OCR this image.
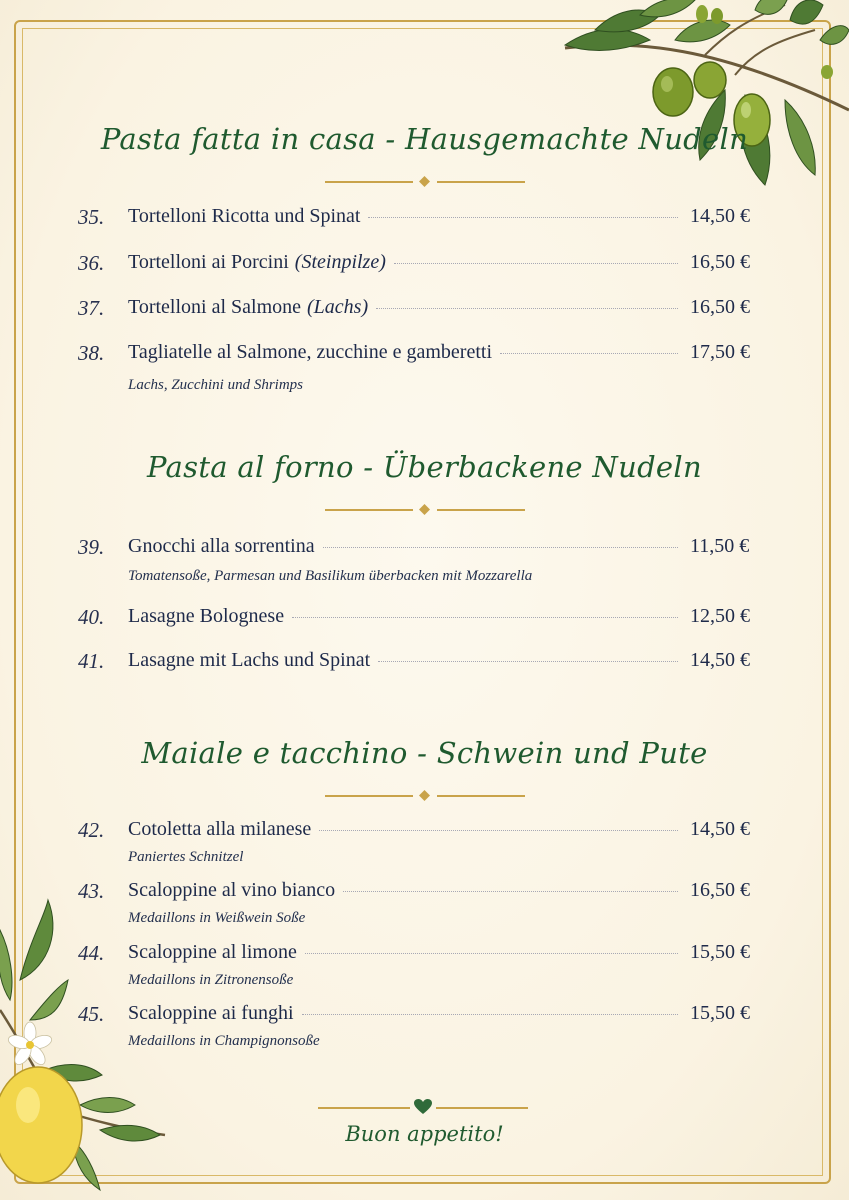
Pasta fatta in casa - Hausgemachte Nudeln
35.	Tortelloni Ricotta und Spinat	14,50 €
36.	Tortelloni ai Porcini (Steinpilze)	16,50 €
37.	Tortelloni al Salmone (Lachs)	16,50 €
38.	Tagliatelle al Salmone, zucchine e gamberetti	17,50 €
Lachs, Zucchini und Shrimps
Pasta al forno - Überbackene Nudeln
39.	Gnocchi alla sorrentina	11,50 €
Tomatensoße, Parmesan und Basilikum überbacken mit Mozzarella
40.	Lasagne Bolognese	12,50 €
41.	Lasagne mit Lachs und Spinat	14,50 €
Maiale e tacchino - Schwein und Pute
42.	Cotoletta alla milanese	14,50 €
Paniertes Schnitzel
43.	Scaloppine al vino bianco	16,50 €
Medaillons in Weißwein Soße
44.	Scaloppine al limone	15,50 €
Medaillons in Zitronensoße
45.	Scaloppine ai funghi	15,50 €
Medaillons in Champignonsoße
Buon appetito!
